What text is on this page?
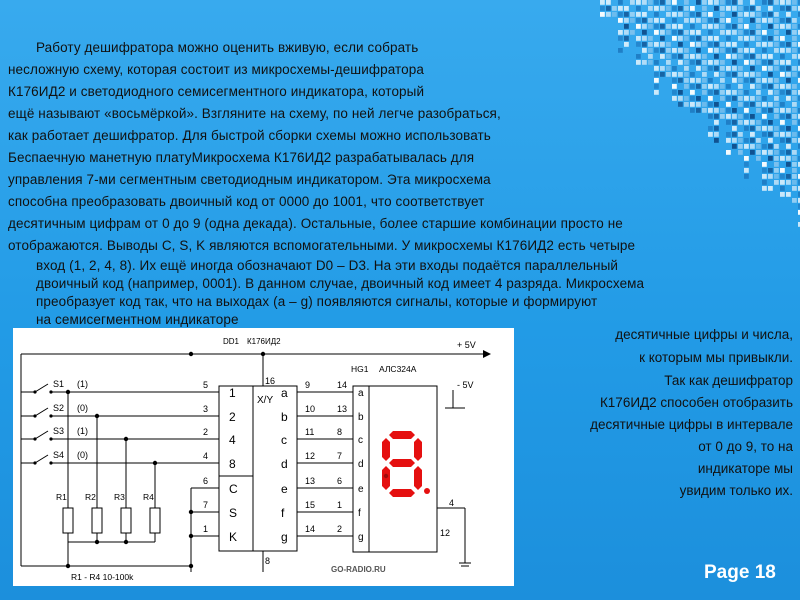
Работу дешифратора можно оценить вживую, если собрать
несложную схему, которая состоит из микросхемы-дешифратора
К176ИД2 и светодиодного семисегментного индикатора, который
ещё называют «восьмёркой». Взгляните на схему, по ней легче разобраться,
как работает дешифратор. Для быстрой сборки схемы можно использовать
Беспаечную манетную платуМикросхема К176ИД2 разрабатывалась для
управления 7-ми сегментным светодиодным индикатором. Эта микросхема
способна преобразовать двоичный код от 0000 до 1001, что соответствует
десятичным цифрам от 0 до 9 (одна декада). Остальные, более старшие комбинации просто не
отображаются. Выводы C, S, K являются вспомогательными. У микросхемы К176ИД2 есть четыре
вход (1, 2, 4, 8). Их ещё иногда обозначают D0 – D3. На эти входы подаётся параллельный
двоичный код (например, 0001). В данном случае, двоичный код имеет 4 разряда. Микросхема
преобразует код так, что на выходах (a – g) появляются сигналы, которые и формируют
на семисегментном индикаторе
десятичные цифры и числа,
к которым мы привыкли.
Так как дешифратор
К176ИД2 способен отобразить
десятичные цифры в интервале
от 0 до 9, то на
индикаторе мы
увидим только их.
DD1 К176ИД2	+ 5V
- 5V
HG1 АЛС324А
16
8
X/Y
4
12
R1 - R4 10-100k
GO-RADIO.RU
S1 (1)
S2 (0)
S3 (1)
S4 (0)
R1 R2 R3 R4
5
1
3
2
2
4
4
8
6
C
7
S
1
K
a
9	14
a
b
10 13
b
c
11	8
c
d
12 7
d
e
13 6
e
f
15 1
f
g
14 2
g
Page 18
